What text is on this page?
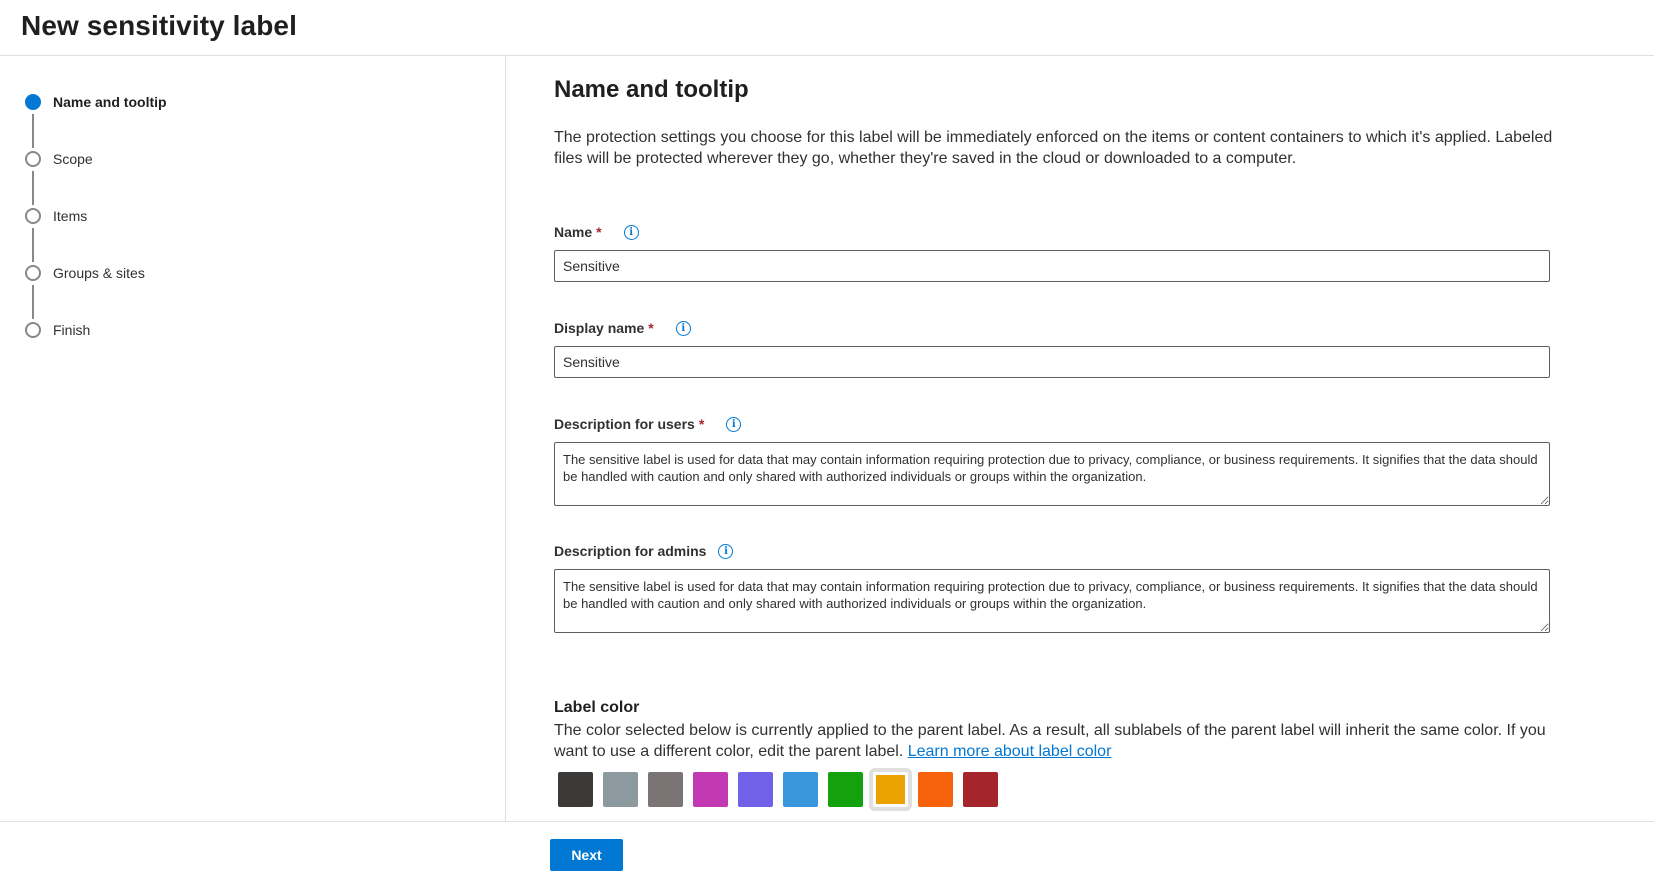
New sensitivity label
Name and tooltip
Scope
Items
Groups & sites
Finish
Name and tooltip

The protection settings you choose for this label will be immediately enforced on the items or content containers to which it's applied. Labeled files will be protected wherever they go, whether they're saved in the cloud or downloaded to a computer.

Name *	i
Sensitive
Display name *	i
Sensitive
Description for users *	i
The sensitive label is used for data that may contain information requiring protection due to privacy, compliance, or business requirements. It signifies that the data should be handled with caution and only shared with authorized individuals or groups within the organization.
Description for admins	i
The sensitive label is used for data that may contain information requiring protection due to privacy, compliance, or business requirements. It signifies that the data should be handled with caution and only shared with authorized individuals or groups within the organization.
Label color

The color selected below is currently applied to the parent label. As a result, all sublabels of the parent label will inherit the same color. If you want to use a different color, edit the parent label. Learn more about label color

Next
